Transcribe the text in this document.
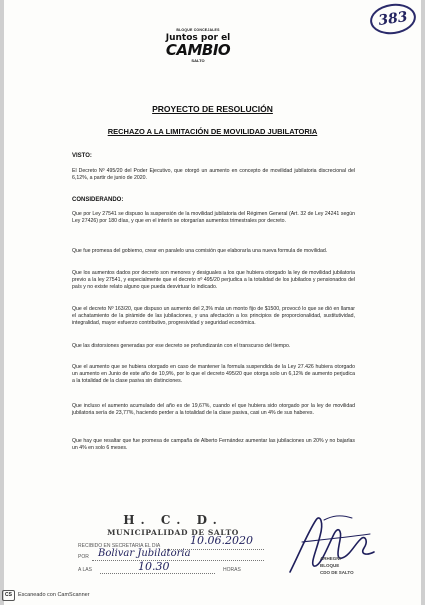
383
BLOQUE CONCEJALES
Juntos por el
CAMBIO
SALTO
PROYECTO DE RESOLUCIÓN
RECHAZO A LA LIMITACIÓN DE MOVILIDAD JUBILATORIA
VISTO:

El Decreto Nº 495/20 del Poder Ejecutivo, que otorgó un aumento en concepto de movilidad jubilatoria discrecional del 6,12%, a partir de junio de 2020.

CONSIDERANDO:

Que por Ley 27541 se dispuso la suspensión de la movilidad jubilatoria del Régimen General (Art. 32 de Ley 24241 según Ley 27426) por 180 días, y que en el interín se otorgarían aumentos trimestrales por decreto.

Que fue promesa del gobierno, crear en paralelo una comisión que elaboraría una nueva formula de movilidad.

Que los aumentos dados por decreto son menores y desiguales a los que hubiera otorgado la ley de movilidad jubilatoria previo a la ley 27541, y especialmente que el decreto nº 495/20 perjudica a la totalidad de los jubilados y pensionados del país y no existe relato alguno que pueda desvirtuar lo indicado.

Que el decreto Nº 163/20, que dispuso un aumento del 2,3% más un monto fijo de $1500, provocó lo que se dió en llamar el achatamiento de la pirámide de las jubilaciones, y una afectación a los principios de proporcionalidad, sustitutividad, integralidad, mayor esfuerzo contributivo, progresividad y seguridad económica.

Que las distorsiones generadas por ese decreto se profundizarán con el transcurso del tiempo.

Que el aumento que se hubiera otorgado en caso de mantener la formula suspendida de la Ley 27.426 hubiera otorgado un aumento en Junio de este año de 10,9%, por lo que el decreto 495/20 que otorga solo un 6,12% de aumento perjudica a la totalidad de la clase pasiva sin distinciones.

Que incluso el aumento acumulado del año es de 19,67%, cuando el que hubiera sido otorgado por la ley de movilidad jubilatoria sería de 23,77%, haciendo perder a la totalidad de la clase pasiva, casi un 4% de sus haberes.

Que hay que resaltar que fue promesa de campaña de Alberto Fernández aumentar las jubilaciones un 20% y no bajarlas un 4% en solo 6 meses.

H. C. D.
MUNICIPALIDAD DE SALTO
RECIBIDO EN SECRETARIA EL DIA	10.06.2020
POR Bolivar Jubilatoria
A LAS	10.30	HORAS
ARHEGNI
BLOQUE
CDO DE SALTO
CS	Escaneado con CamScanner
